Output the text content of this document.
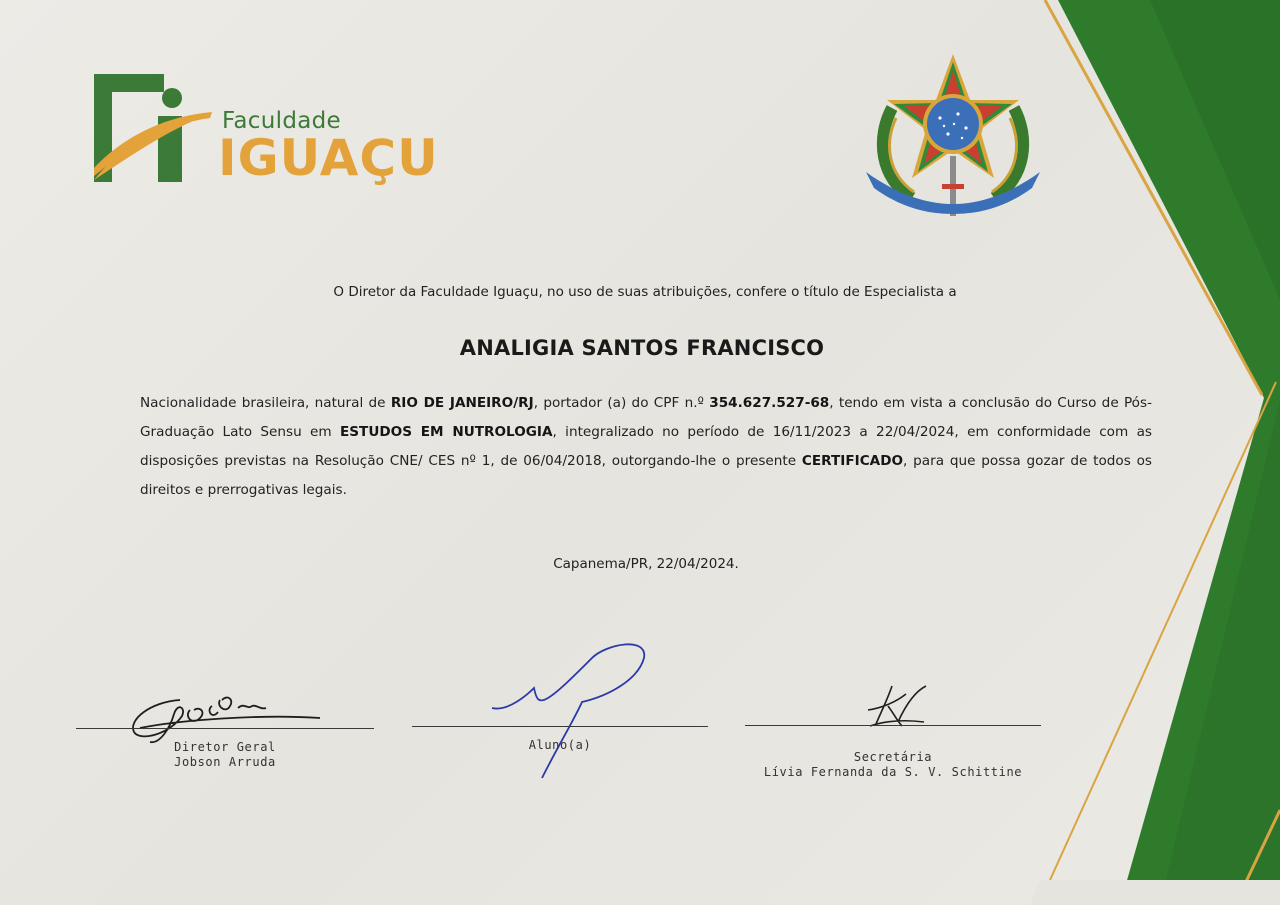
Faculdade
IGUAÇU
O Diretor da Faculdade Iguaçu, no uso de suas atribuições, confere o título de Especialista a
ANALIGIA SANTOS FRANCISCO
Nacionalidade brasileira, natural de RIO DE JANEIRO/RJ, portador (a) do CPF n.º 354.627.527-68, tendo em vista a conclusão do Curso de Pós-Graduação Lato Sensu em ESTUDOS EM NUTROLOGIA, integralizado no período de 16/11/2023 a 22/04/2024, em conformidade com as disposições previstas na Resolução CNE/ CES nº 1, de 06/04/2018, outorgando-lhe o presente CERTIFICADO, para que possa gozar de todos os direitos e prerrogativas legais.
Capanema/PR, 22/04/2024.
Diretor Geral
Jobson Arruda
Aluno(a)
Secretária
Lívia Fernanda da S. V. Schittine
